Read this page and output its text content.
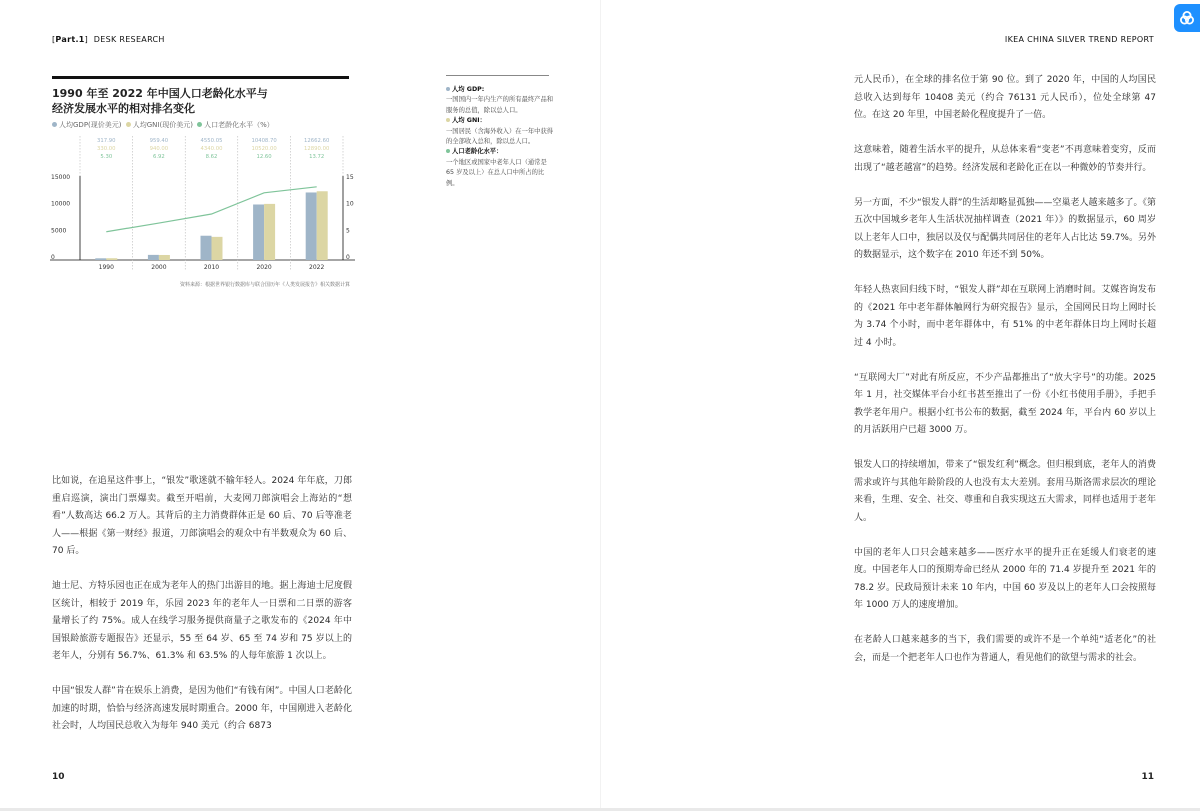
[Part.1] DESK RESEARCH	IKEA CHINA SILVER TREND REPORT
1990 年至 2022 年中国人口老龄化水平与
经济发展水平的相对排名变化
人均GDP(现价美元) 人均GNI(现价美元) 人口老龄化水平（%）
15000
10000
5000
0
15
10
5
0
317.90
330.00
5.30
1990
959.40
940.00
6.92
2000
4550.05
4340.00
8.62
2010
10408.70
10520.00
12.60
2020
12662.60
12890.00
13.72
2022
资料来源：根据世界银行数据库与联合国历年《人类发展报告》相关数据计算
人均 GDP:
一国国内一年内生产的所有最终产品和服务的总值，除以总人口。
人均 GNI：
一国居民（含海外收入）在一年中获得的全部收入总和，除以总人口。
人口老龄化水平：
一个地区或国家中老年人口（通常是 65 岁及以上）在总人口中所占的比例。

比如说，在追星这件事上，“银发”歌迷就不输年轻人。2024 年年底，刀郎重启巡演，演出门票爆卖。截至开唱前，大麦网刀郎演唱会上海站的“想看”人数高达 66.2 万人。其背后的主力消费群体正是 60 后、70 后等准老人——根据《第一财经》报道，刀郎演唱会的观众中有半数观众为 60 后、70 后。

迪士尼、方特乐园也正在成为老年人的热门出游目的地。据上海迪士尼度假区统计，相较于 2019 年，乐园 2023 年的老年人一日票和二日票的游客量增长了约 75%。成人在线学习服务提供商量子之歌发布的《2024 年中国银龄旅游专题报告》还显示，55 至 64 岁、65 至 74 岁和 75 岁以上的老年人，分别有 56.7%、61.3% 和 63.5% 的人每年旅游 1 次以上。

中国“银发人群”肯在娱乐上消费，是因为他们“有钱有闲”。中国人口老龄化加速的时期，恰恰与经济高速发展时期重合。2000 年，中国刚进入老龄化社会时，人均国民总收入为每年 940 美元（约合 6873

元人民币），在全球的排名位于第 90 位。到了 2020 年，中国的人均国民总收入达到每年 10408 美元（约合 76131 元人民币），位处全球第 47 位。在这 20 年里，中国老龄化程度提升了一倍。

这意味着，随着生活水平的提升，从总体来看“变老”不再意味着变穷，反而出现了“越老越富”的趋势。经济发展和老龄化正在以一种微妙的节奏并行。

另一方面，不少“银发人群”的生活却略显孤独——空巢老人越来越多了。《第五次中国城乡老年人生活状况抽样调查（2021 年）》的数据显示，60 周岁以上老年人口中，独居以及仅与配偶共同居住的老年人占比达 59.7%。另外的数据显示，这个数字在 2010 年还不到 50%。

年轻人热衷回归线下时，“银发人群”却在互联网上消磨时间。艾媒咨询发布的《2021 年中老年群体触网行为研究报告》显示，全国网民日均上网时长为 3.74 个小时，而中老年群体中，有 51% 的中老年群体日均上网时长超过 4 小时。

“互联网大厂”对此有所反应，不少产品都推出了“放大字号”的功能。2025 年 1 月，社交媒体平台小红书甚至推出了一份《小红书使用手册》，手把手教学老年用户。根据小红书公布的数据，截至 2024 年，平台内 60 岁以上的月活跃用户已超 3000 万。

银发人口的持续增加，带来了“银发红利”概念。但归根到底，老年人的消费需求或许与其他年龄阶段的人也没有太大差别。套用马斯洛需求层次的理论来看，生理、安全、社交、尊重和自我实现这五大需求，同样也适用于老年人。

中国的老年人口只会越来越多——医疗水平的提升正在延缓人们衰老的速度。中国老年人口的预期寿命已经从 2000 年的 71.4 岁提升至 2021 年的 78.2 岁。民政局预计未来 10 年内，中国 60 岁及以上的老年人口会按照每年 1000 万人的速度增加。

在老龄人口越来越多的当下，我们需要的或许不是一个单纯“适老化”的社会，而是一个把老年人口也作为普通人，看见他们的欲望与需求的社会。

10	11
